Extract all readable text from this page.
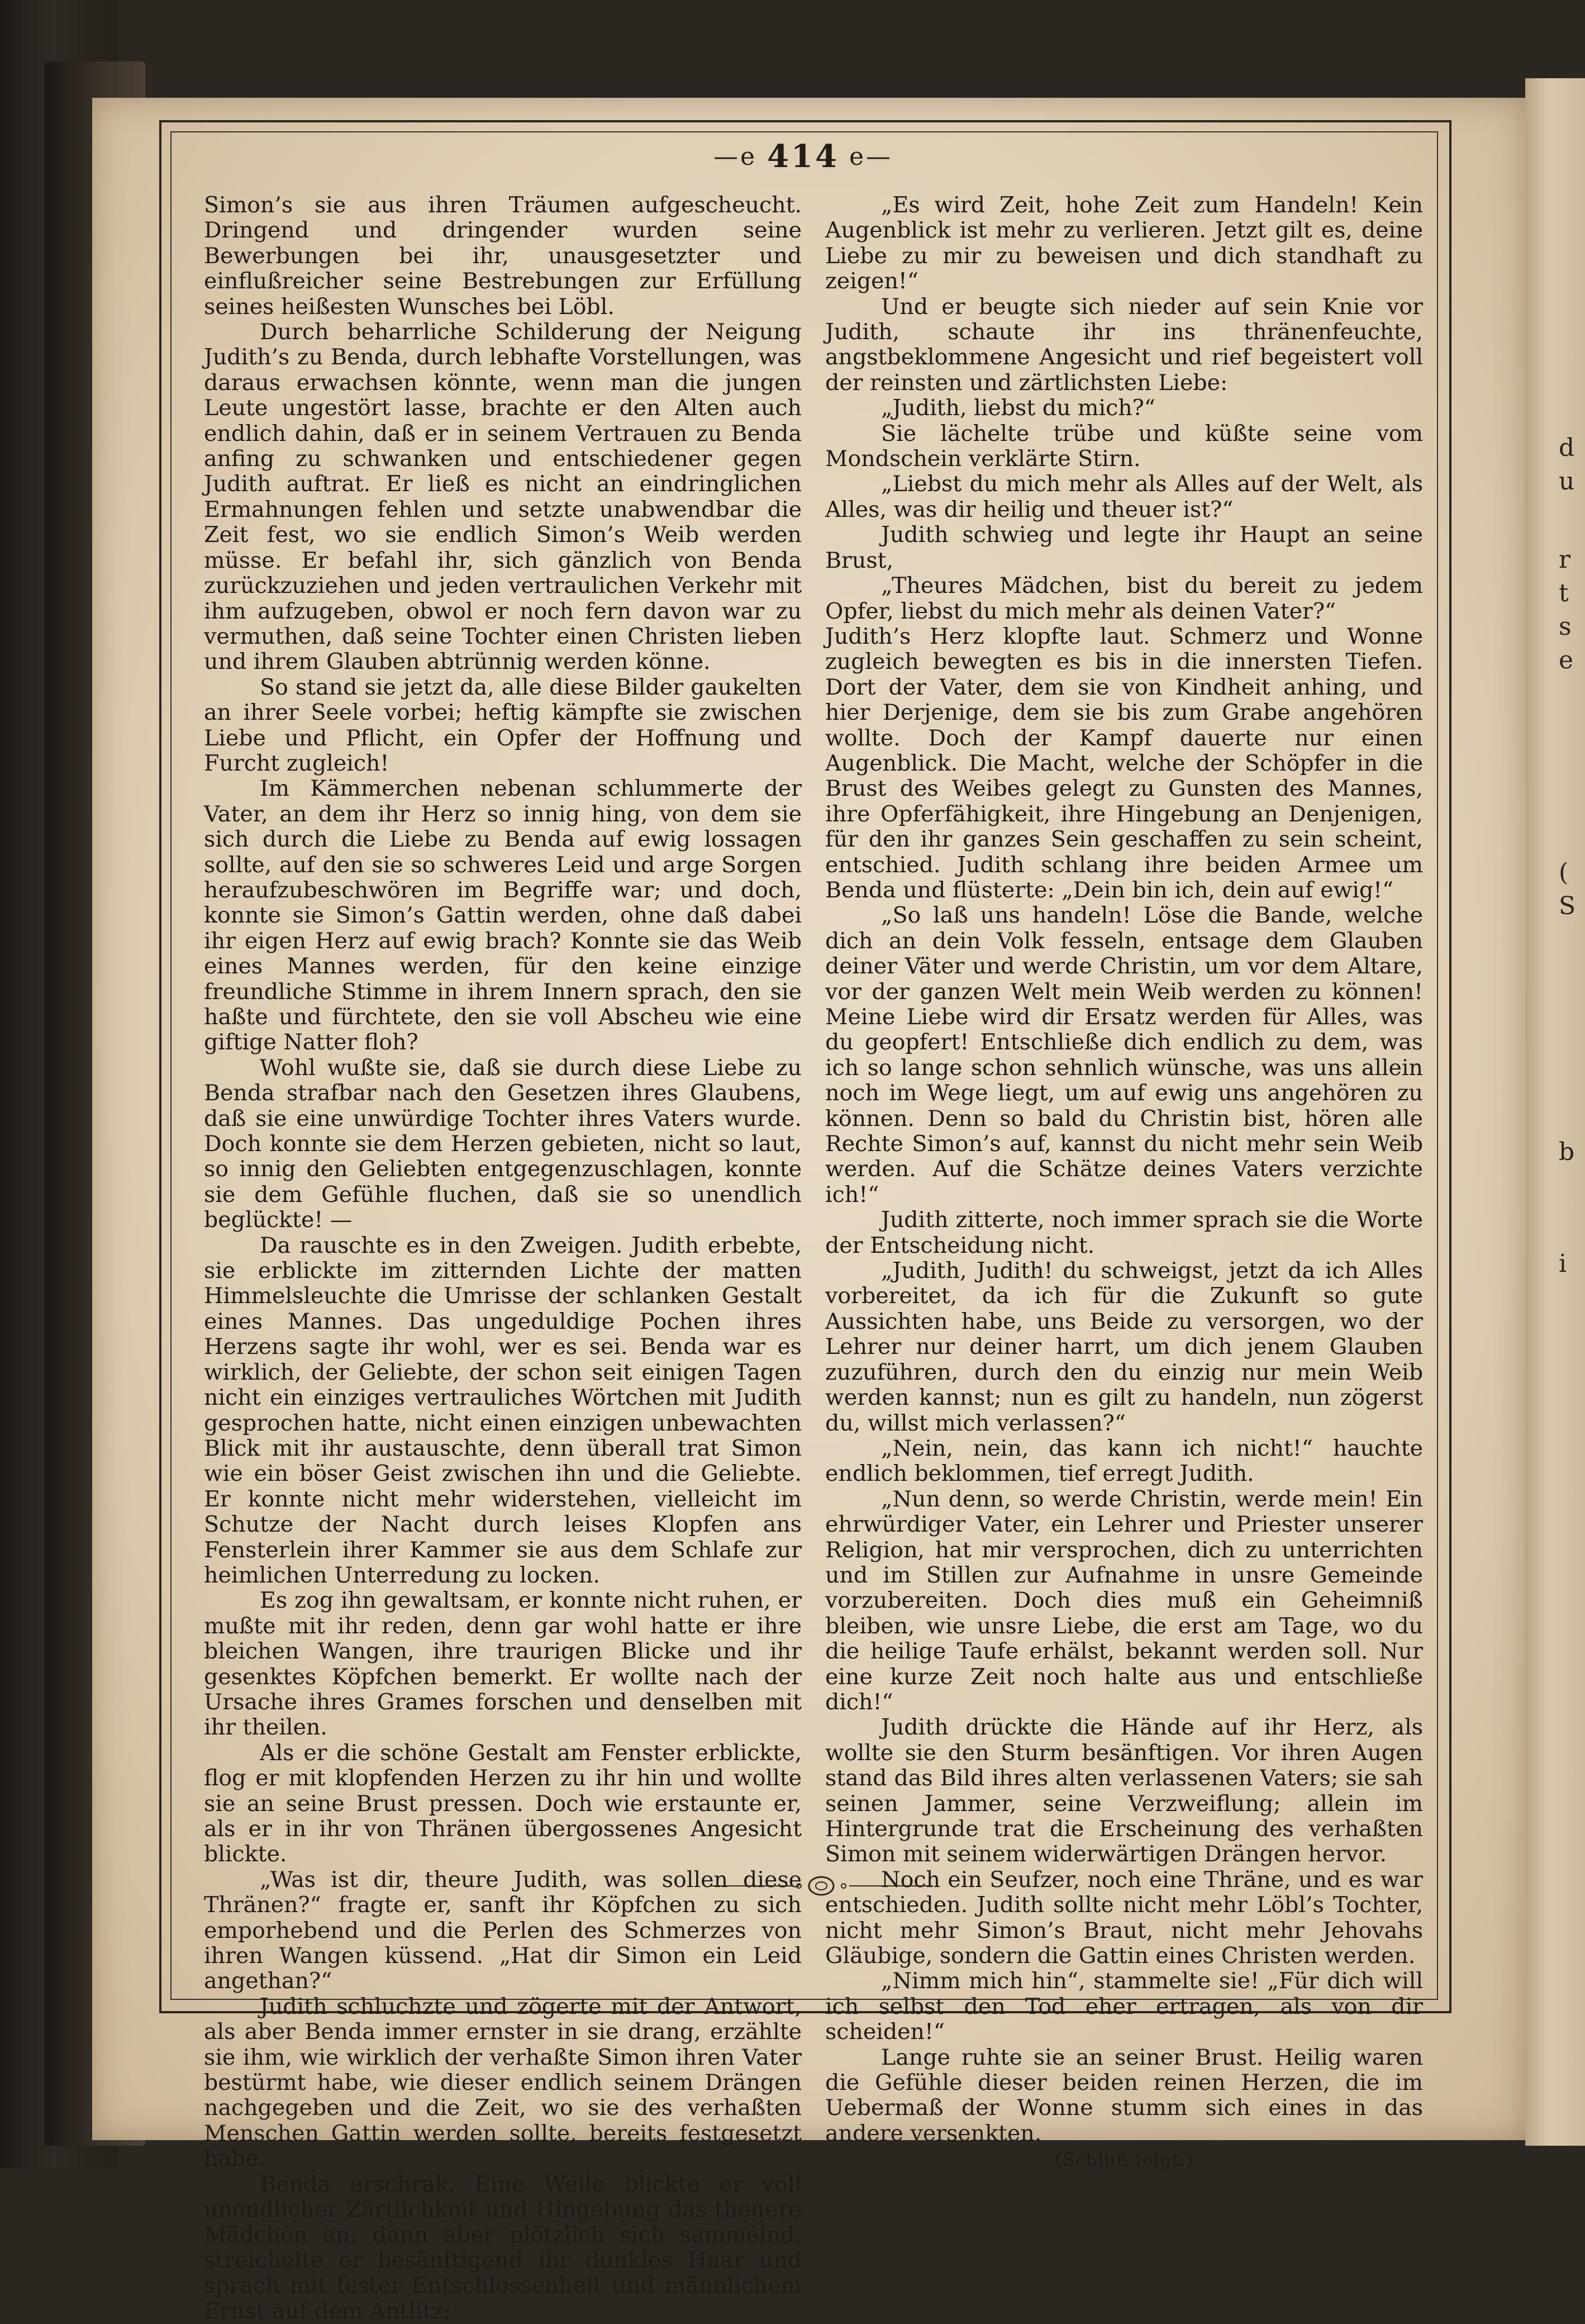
d
u
r
t
s
e
(
S
b
i
—e 414 e—

Simon’s sie aus ihren Träumen aufgescheucht. Dringend und dringender wurden seine Bewerbungen bei ihr, unausgesetzter und einflußreicher seine Bestrebungen zur Erfüllung seines heißesten Wunsches bei Löbl.

Durch beharrliche Schilderung der Neigung Judith’s zu Benda, durch lebhafte Vorstellungen, was daraus erwachsen könnte, wenn man die jungen Leute ungestört lasse, brachte er den Alten auch endlich dahin, daß er in seinem Vertrauen zu Benda anfing zu schwanken und entschiedener gegen Judith auftrat. Er ließ es nicht an eindringlichen Ermahnungen fehlen und setzte unabwendbar die Zeit fest, wo sie endlich Simon’s Weib werden müsse. Er befahl ihr, sich gänzlich von Benda zurückzuziehen und jeden vertraulichen Verkehr mit ihm aufzugeben, obwol er noch fern davon war zu vermuthen, daß seine Tochter einen Christen lieben und ihrem Glauben abtrünnig werden könne.

So stand sie jetzt da, alle diese Bilder gaukelten an ihrer Seele vorbei; heftig kämpfte sie zwischen Liebe und Pflicht, ein Opfer der Hoffnung und Furcht zugleich!

Im Kämmerchen nebenan schlummerte der Vater, an dem ihr Herz so innig hing, von dem sie sich durch die Liebe zu Benda auf ewig lossagen sollte, auf den sie so schweres Leid und arge Sorgen heraufzubeschwören im Begriffe war; und doch, konnte sie Simon’s Gattin werden, ohne daß dabei ihr eigen Herz auf ewig brach? Konnte sie das Weib eines Mannes werden, für den keine einzige freundliche Stimme in ihrem Innern sprach, den sie haßte und fürchtete, den sie voll Abscheu wie eine giftige Natter floh?

Wohl wußte sie, daß sie durch diese Liebe zu Benda strafbar nach den Gesetzen ihres Glaubens, daß sie eine unwürdige Tochter ihres Vaters wurde. Doch konnte sie dem Herzen gebieten, nicht so laut, so innig den Geliebten entgegenzuschlagen, konnte sie dem Gefühle fluchen, daß sie so unendlich beglückte! —

Da rauschte es in den Zweigen. Judith erbebte, sie erblickte im zitternden Lichte der matten Himmelsleuchte die Umrisse der schlanken Gestalt eines Mannes. Das ungeduldige Pochen ihres Herzens sagte ihr wohl, wer es sei. Benda war es wirklich, der Geliebte, der schon seit einigen Tagen nicht ein einziges vertrauliches Wörtchen mit Judith gesprochen hatte, nicht einen einzigen unbewachten Blick mit ihr austauschte, denn überall trat Simon wie ein böser Geist zwischen ihn und die Geliebte. Er konnte nicht mehr widerstehen, vielleicht im Schutze der Nacht durch leises Klopfen ans Fensterlein ihrer Kammer sie aus dem Schlafe zur heimlichen Unterredung zu locken.

Es zog ihn gewaltsam, er konnte nicht ruhen, er mußte mit ihr reden, denn gar wohl hatte er ihre bleichen Wangen, ihre traurigen Blicke und ihr gesenktes Köpfchen bemerkt. Er wollte nach der Ursache ihres Grames forschen und denselben mit ihr theilen.

Als er die schöne Gestalt am Fenster erblickte, flog er mit klopfenden Herzen zu ihr hin und wollte sie an seine Brust pressen. Doch wie erstaunte er, als er in ihr von Thränen übergossenes Angesicht blickte.

„Was ist dir, theure Judith, was sollen diese Thränen?“ fragte er, sanft ihr Köpfchen zu sich emporhebend und die Perlen des Schmerzes von ihren Wangen küssend. „Hat dir Simon ein Leid angethan?“

Judith schluchzte und zögerte mit der Antwort, als aber Benda immer ernster in sie drang, erzählte sie ihm, wie wirklich der verhaßte Simon ihren Vater bestürmt habe, wie dieser endlich seinem Drängen nachgegeben und die Zeit, wo sie des verhaßten Menschen Gattin werden sollte, bereits festgesetzt habe.

Benda erschrak. Eine Weile blickte er voll unendlicher Zärtlichkeit und Hingebung das theuere Mädchen an; dann aber plötzlich sich sammelnd, streichelte er besänftigend ihr dunkles Haar und sprach mit fester Entschlossenheit und männlichem Ernst auf dem Antlitz:

„Es wird Zeit, hohe Zeit zum Handeln! Kein Augenblick ist mehr zu verlieren. Jetzt gilt es, deine Liebe zu mir zu beweisen und dich standhaft zu zeigen!“

Und er beugte sich nieder auf sein Knie vor Judith, schaute ihr ins thränenfeuchte, angstbeklommene Angesicht und rief begeistert voll der reinsten und zärtlichsten Liebe:

„Judith, liebst du mich?“

Sie lächelte trübe und küßte seine vom Mondschein verklärte Stirn.

„Liebst du mich mehr als Alles auf der Welt, als Alles, was dir heilig und theuer ist?“

Judith schwieg und legte ihr Haupt an seine Brust,

„Theures Mädchen, bist du bereit zu jedem Opfer, liebst du mich mehr als deinen Vater?“

Judith’s Herz klopfte laut. Schmerz und Wonne zugleich bewegten es bis in die innersten Tiefen. Dort der Vater, dem sie von Kindheit anhing, und hier Derjenige, dem sie bis zum Grabe angehören wollte. Doch der Kampf dauerte nur einen Augenblick. Die Macht, welche der Schöpfer in die Brust des Weibes gelegt zu Gunsten des Mannes, ihre Opferfähigkeit, ihre Hingebung an Denjenigen, für den ihr ganzes Sein geschaffen zu sein scheint, entschied. Judith schlang ihre beiden Armee um Benda und flüsterte: „Dein bin ich, dein auf ewig!“

„So laß uns handeln! Löse die Bande, welche dich an dein Volk fesseln, entsage dem Glauben deiner Väter und werde Christin, um vor dem Altare, vor der ganzen Welt mein Weib werden zu können! Meine Liebe wird dir Ersatz werden für Alles, was du geopfert! Entschließe dich endlich zu dem, was ich so lange schon sehnlich wünsche, was uns allein noch im Wege liegt, um auf ewig uns angehören zu können. Denn so bald du Christin bist, hören alle Rechte Simon’s auf, kannst du nicht mehr sein Weib werden. Auf die Schätze deines Vaters verzichte ich!“

Judith zitterte, noch immer sprach sie die Worte der Entscheidung nicht.

„Judith, Judith! du schweigst, jetzt da ich Alles vorbereitet, da ich für die Zukunft so gute Aussichten habe, uns Beide zu versorgen, wo der Lehrer nur deiner harrt, um dich jenem Glauben zuzuführen, durch den du einzig nur mein Weib werden kannst; nun es gilt zu handeln, nun zögerst du, willst mich verlassen?“

„Nein, nein, das kann ich nicht!“ hauchte endlich beklommen, tief erregt Judith.

„Nun denn, so werde Christin, werde mein! Ein ehrwürdiger Vater, ein Lehrer und Priester unserer Religion, hat mir versprochen, dich zu unterrichten und im Stillen zur Aufnahme in unsre Gemeinde vorzubereiten. Doch dies muß ein Geheimniß bleiben, wie unsre Liebe, die erst am Tage, wo du die heilige Taufe erhälst, bekannt werden soll. Nur eine kurze Zeit noch halte aus und entschließe dich!“

Judith drückte die Hände auf ihr Herz, als wollte sie den Sturm besänftigen. Vor ihren Augen stand das Bild ihres alten verlassenen Vaters; sie sah seinen Jammer, seine Verzweiflung; allein im Hintergrunde trat die Erscheinung des verhaßten Simon mit seinem widerwärtigen Drängen hervor.

Noch ein Seufzer, noch eine Thräne, und es war entschieden. Judith sollte nicht mehr Löbl’s Tochter, nicht mehr Simon’s Braut, nicht mehr Jehovahs Gläubige, sondern die Gattin eines Christen werden.

„Nimm mich hin“, stammelte sie! „Für dich will ich selbst den Tod eher ertragen, als von dir scheiden!“

Lange ruhte sie an seiner Brust. Heilig waren die Gefühle dieser beiden reinen Herzen, die im Uebermaß der Wonne stumm sich eines in das andere versenkten.

(Schluß folgt.)
